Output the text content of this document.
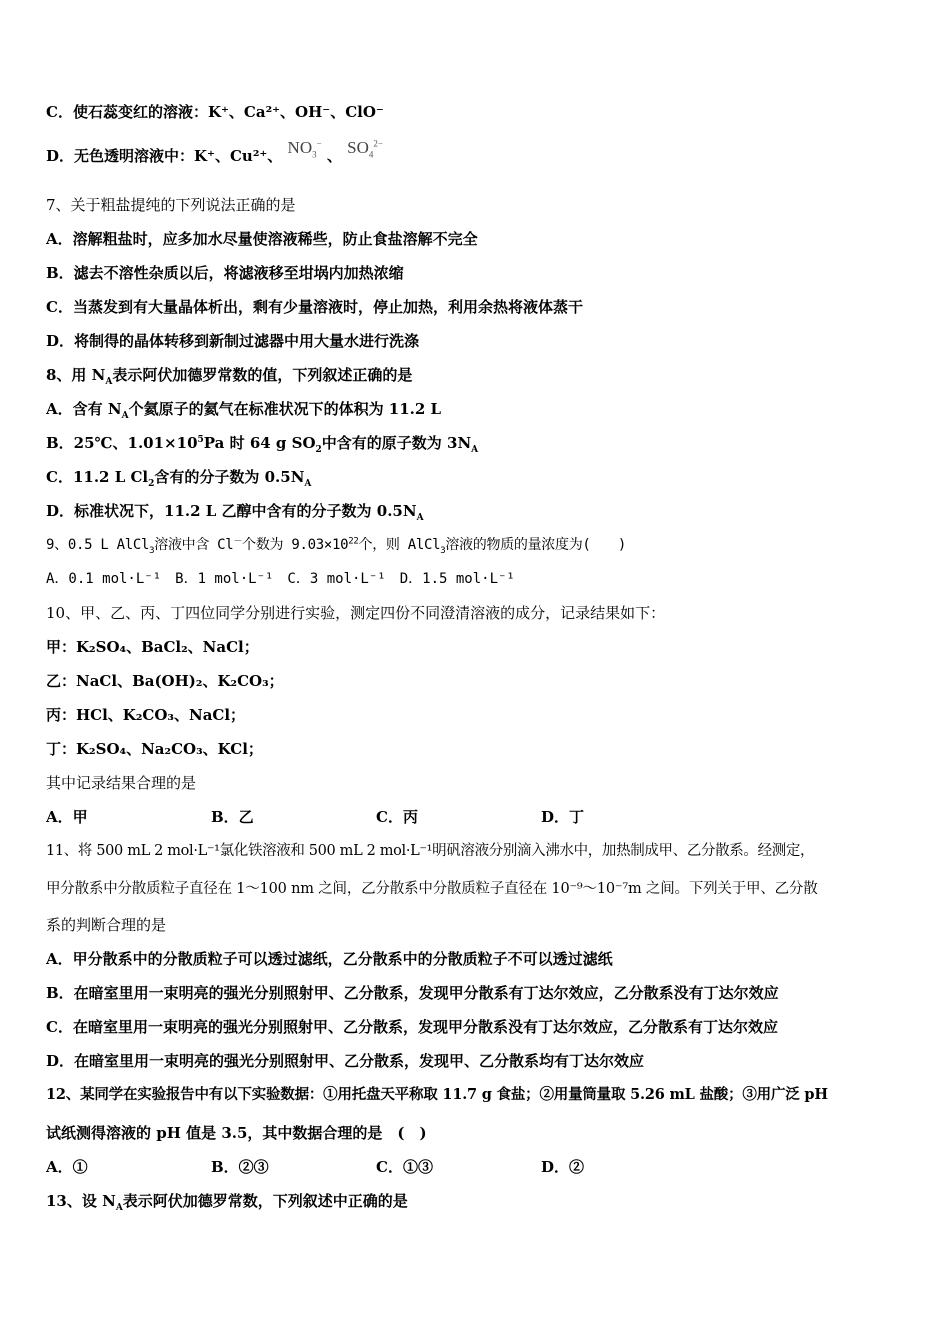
C．使石蕊变红的溶液：K⁺、Ca²⁺、OH⁻、ClO⁻
D．无色透明溶液中：K⁺、Cu²⁺、 $NO_3^-$ 、 $SO_4^{2-}$
7、关于粗盐提纯的下列说法正确的是
A．溶解粗盐时，应多加水尽量使溶液稀些，防止食盐溶解不完全
B．滤去不溶性杂质以后，将滤液移至坩埚内加热浓缩
C．当蒸发到有大量晶体析出，剩有少量溶液时，停止加热，利用余热将液体蒸干
D．将制得的晶体转移到新制过滤器中用大量水进行洗涤
8、用 $N_A$表示阿伏加德罗常数的值，下列叙述正确的是
A．含有 $N_A$个氦原子的氦气在标准状况下的体积为 11.2 L
B．25℃、$1.01\times 10^5Pa$ 时 64 g $SO_2$中含有的原子数为 $3N_A$
C．11.2 L $Cl_2$含有的分子数为 $0.5N_A$
D．标准状况下，11.2 L 乙醇中含有的分子数为 $0.5N_A$
9、0.5 L AlCl$_3$溶液中含 Cl－个数为 $9.03\times 10^{22}$个，则 AlCl$_3$溶液的物质的量浓度为(　　)
A．0.1 mol·L⁻¹　B．1 mol·L⁻¹　C．3 mol·L⁻¹　D．1.5 mol·L⁻¹
10、甲、乙、丙、丁四位同学分别进行实验，测定四份不同澄清溶液的成分，记录结果如下：
甲：K₂SO₄、BaCl₂、NaCl；
乙：NaCl、Ba(OH)₂、K₂CO₃；
丙：HCl、K₂CO₃、NaCl；
丁：K₂SO₄、Na₂CO₃、KCl；
其中记录结果合理的是
A．甲	B．乙	C．丙	D．丁
11、将 500 mL 2 mol·L⁻¹氯化铁溶液和 500 mL 2 mol·L⁻¹明矾溶液分别滴入沸水中，加热制成甲、乙分散系。经测定，
甲分散系中分散质粒子直径在 1～100 nm 之间，乙分散系中分散质粒子直径在 10⁻⁹～10⁻⁷m 之间。下列关于甲、乙分散
系的判断合理的是
A．甲分散系中的分散质粒子可以透过滤纸，乙分散系中的分散质粒子不可以透过滤纸
B．在暗室里用一束明亮的强光分别照射甲、乙分散系，发现甲分散系有丁达尔效应，乙分散系没有丁达尔效应
C．在暗室里用一束明亮的强光分别照射甲、乙分散系，发现甲分散系没有丁达尔效应，乙分散系有丁达尔效应
D．在暗室里用一束明亮的强光分别照射甲、乙分散系，发现甲、乙分散系均有丁达尔效应
12、某同学在实验报告中有以下实验数据：①用托盘天平称取 11.7 g 食盐；②用量筒量取 5.26 mL 盐酸；③用广泛 pH
试纸测得溶液的 pH 值是 3.5，其中数据合理的是　(　)
A．①	B．②③	C．①③	D．②
13、设 $N_A$表示阿伏加德罗常数，下列叙述中正确的是
